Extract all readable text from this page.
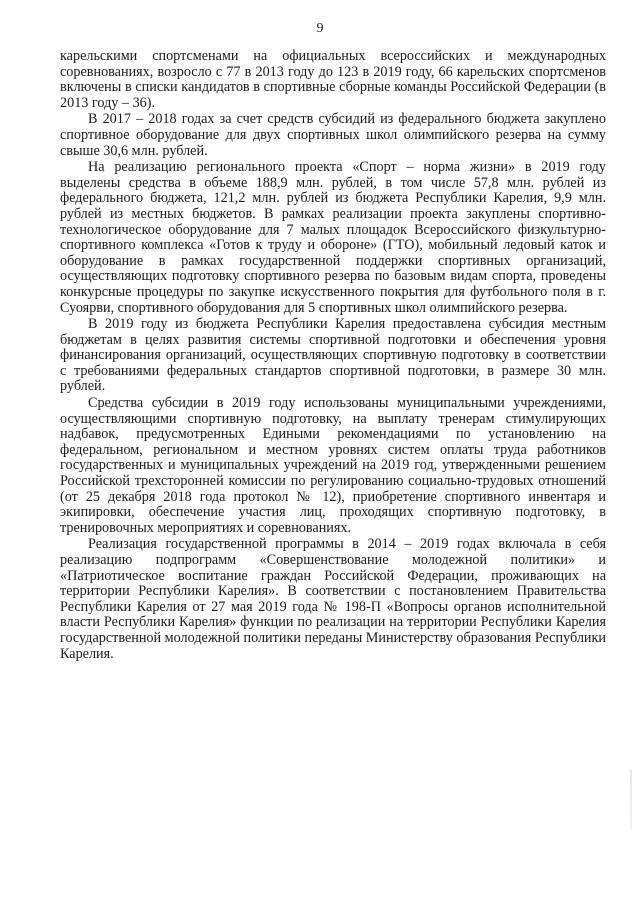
9

карельскими спортсменами на официальных всероссийских и международных соревнованиях, возросло с 77 в 2013 году до 123 в 2019 году, 66 карельских спортсменов включены в списки кандидатов в спортивные сборные команды Российской Федерации (в 2013 году – 36).

В 2017 – 2018 годах за счет средств субсидий из федерального бюджета закуплено спортивное оборудование для двух спортивных школ олимпийского резерва на сумму свыше 30,6 млн. рублей.

На реализацию регионального проекта «Спорт – норма жизни» в 2019 году выделены средства в объеме 188,9 млн. рублей, в том числе 57,8 млн. рублей из федерального бюджета, 121,2 млн. рублей из бюджета Республики Карелия, 9,9 млн. рублей из местных бюджетов. В рамках реализации проекта закуплены спортивно-технологическое оборудование для 7 малых площадок Всероссийского физкультурно-спортивного комплекса «Готов к труду и обороне» (ГТО), мобильный ледовый каток и оборудование в рамках государственной поддержки спортивных организаций, осуществляющих подготовку спортивного резерва по базовым видам спорта, проведены конкурсные процедуры по закупке искусственного покрытия для футбольного поля в г. Суоярви, спортивного оборудования для 5 спортивных школ олимпийского резерва.

В 2019 году из бюджета Республики Карелия предоставлена субсидия местным бюджетам в целях развития системы спортивной подготовки и обеспечения уровня финансирования организаций, осуществляющих спортивную подготовку в соответствии с требованиями федеральных стандартов спортивной подготовки, в размере 30 млн. рублей.

Средства субсидии в 2019 году использованы муниципальными учреждениями, осуществляющими спортивную подготовку, на выплату тренерам стимулирующих надбавок, предусмотренных Едиными рекомендациями по установлению на федеральном, региональном и местном уровнях систем оплаты труда работников государственных и муниципальных учреждений на 2019 год, утвержденными решением Российской трехсторонней комиссии по регулированию социально-трудовых отношений (от 25 декабря 2018 года протокол № 12), приобретение спортивного инвентаря и экипировки, обеспечение участия лиц, проходящих спортивную подготовку, в тренировочных мероприятиях и соревнованиях.

Реализация государственной программы в 2014 – 2019 годах включала в себя реализацию подпрограмм «Совершенствование молодежной политики» и «Патриотическое воспитание граждан Российской Федерации, проживающих на территории Республики Карелия». В соответствии с постановлением Правительства Республики Карелия от 27 мая 2019 года № 198-П «Вопросы органов исполнительной власти Республики Карелия» функции по реализации на территории Республики Карелия государственной молодежной политики переданы Министерству образования Республики Карелия.
